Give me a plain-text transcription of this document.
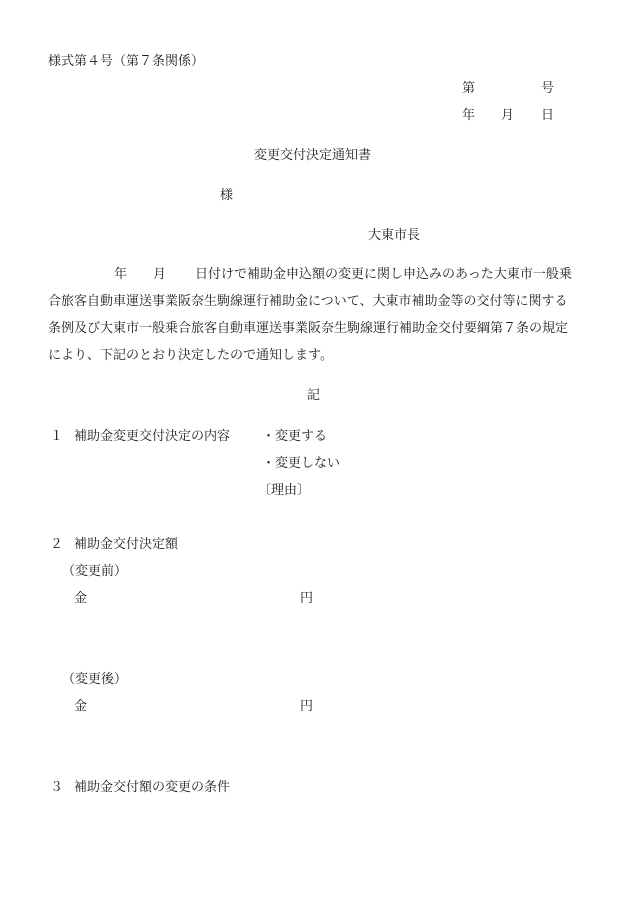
様式第４号（第７条関係）
第	号
年 月 日
変更交付決定通知書
様
大東市長
年 月 日付けで補助金申込額の変更に関し申込みのあった大東市一般乗
合旅客自動車運送事業阪奈生駒線運行補助金について、大東市補助金等の交付等に関する
条例及び大東市一般乗合旅客自動車運送事業阪奈生駒線運行補助金交付要綱第７条の規定
により、下記のとおり決定したので通知します。
記
１ 補助金変更交付決定の内容 ・変更する
・変更しない
〔理由〕
２ 補助金交付決定額
（変更前）
金	円
（変更後）
金	円
３ 補助金交付額の変更の条件
